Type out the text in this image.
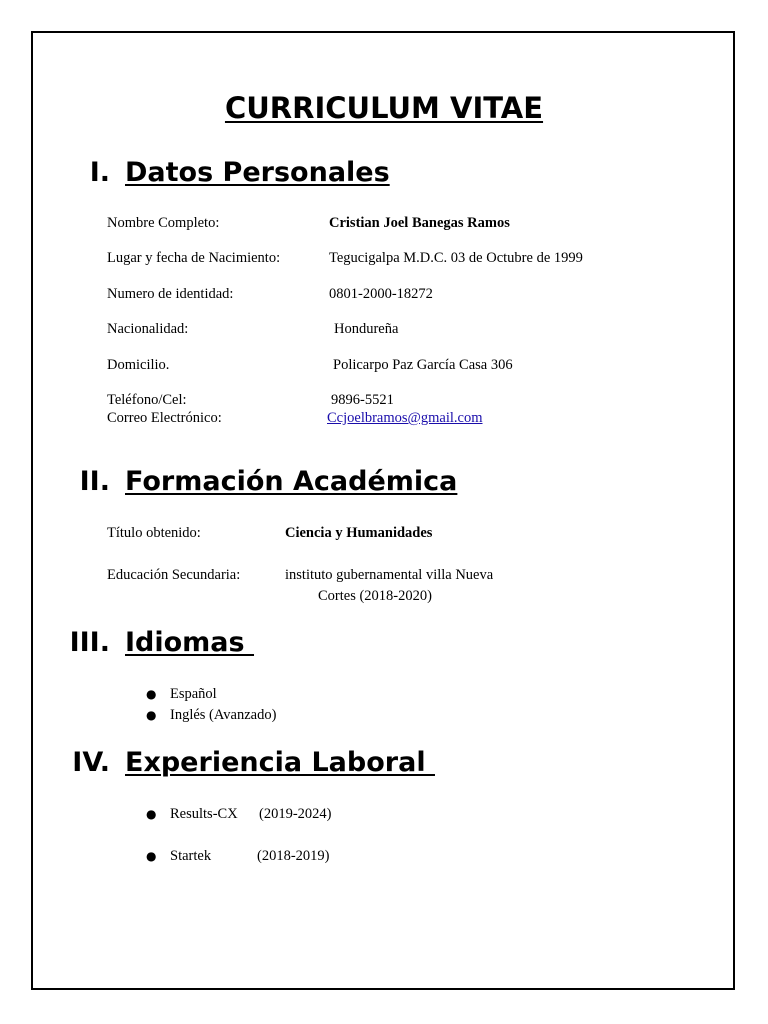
CURRICULUM VITAE
I. Datos Personales
Nombre Completo:	Cristian Joel Banegas Ramos
Lugar y fecha de Nacimiento:	Tegucigalpa M.D.C. 03 de Octubre de 1999
Numero de identidad:	0801-2000-18272
Nacionalidad:	Hondureña
Domicilio.	Policarpo Paz García Casa 306
Teléfono/Cel:	9896-5521
Correo Electrónico:	Ccjoelbramos@gmail.com
II. Formación Académica
Título obtenido:	Ciencia y Humanidades
Educación Secundaria:	instituto gubernamental villa Nueva
Cortes (2018-2020)
III. Idiomas
● Español
● Inglés (Avanzado)
IV. Experiencia Laboral
● Results-CX (2019-2024)
● Startek	(2018-2019)
